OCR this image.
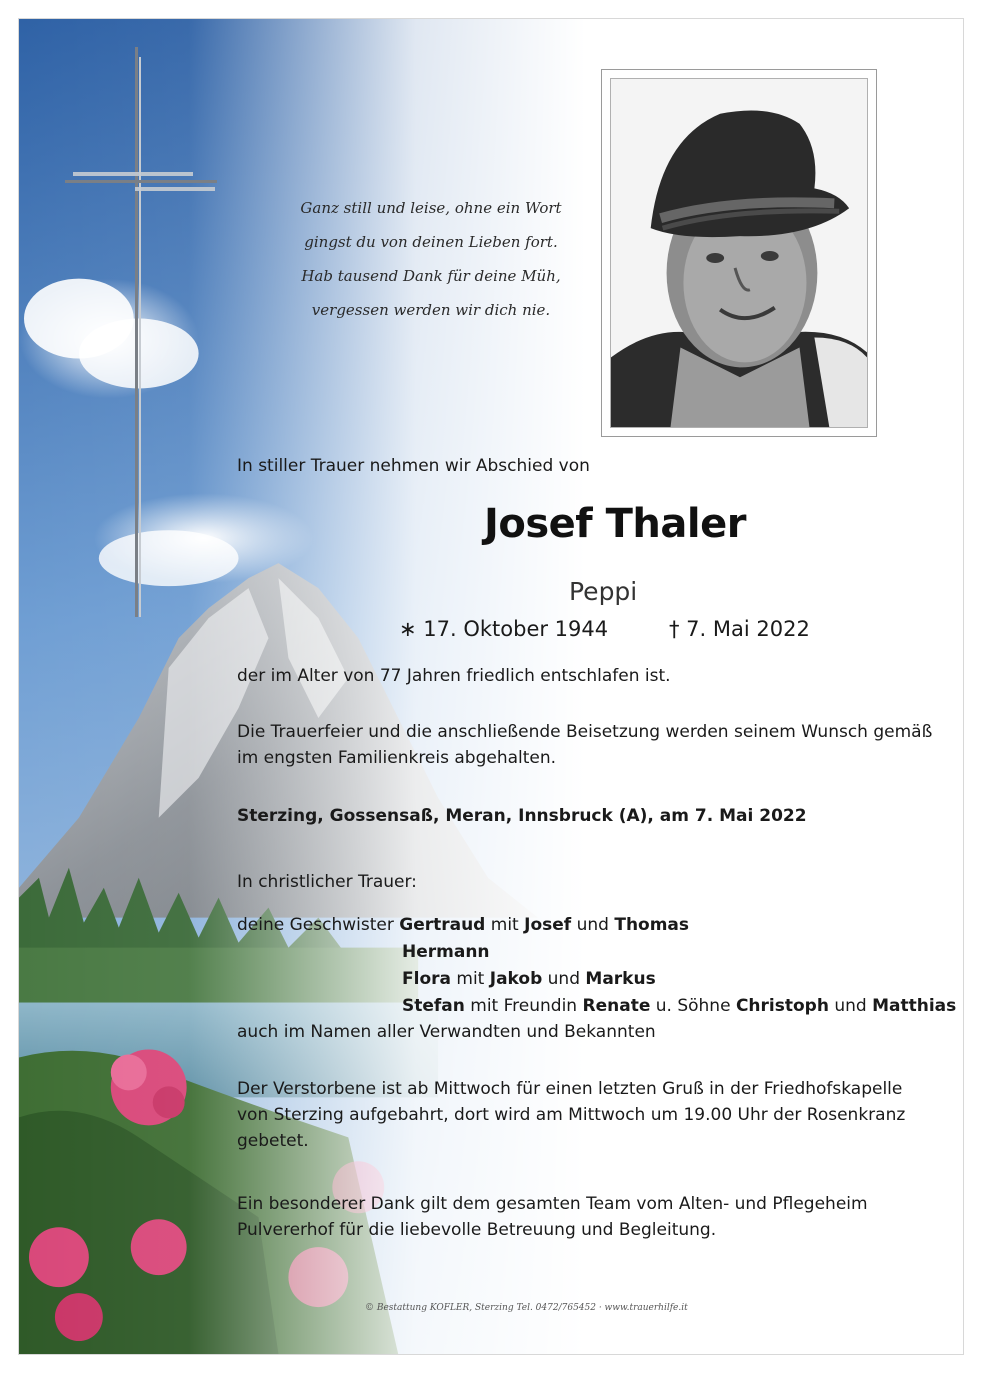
Ganz still und leise, ohne ein Wort
gingst du von deinen Lieben fort.
Hab tausend Dank für deine Müh,
vergessen werden wir dich nie.
In stiller Trauer nehmen wir Abschied von
Josef Thaler
Peppi
∗ 17. Oktober 1944	† 7. Mai 2022
der im Alter von 77 Jahren friedlich entschlafen ist.
Die Trauerfeier und die anschließende Beisetzung werden seinem Wunsch gemäß
im engsten Familienkreis abgehalten.
Sterzing, Gossensaß, Meran, Innsbruck (A), am 7. Mai 2022
In christlicher Trauer:
deine Geschwister Gertraud mit Josef und Thomas
Hermann
Flora mit Jakob und Markus
Stefan mit Freundin Renate u. Söhne Christoph und Matthias
auch im Namen aller Verwandten und Bekannten
Der Verstorbene ist ab Mittwoch für einen letzten Gruß in der Friedhofskapelle
von Sterzing aufgebahrt, dort wird am Mittwoch um 19.00 Uhr der Rosenkranz
gebetet.
Ein besonderer Dank gilt dem gesamten Team vom Alten- und Pflegeheim
Pulvererhof für die liebevolle Betreuung und Begleitung.
© Bestattung KOFLER, Sterzing Tel. 0472/765452 · www.trauerhilfe.it
